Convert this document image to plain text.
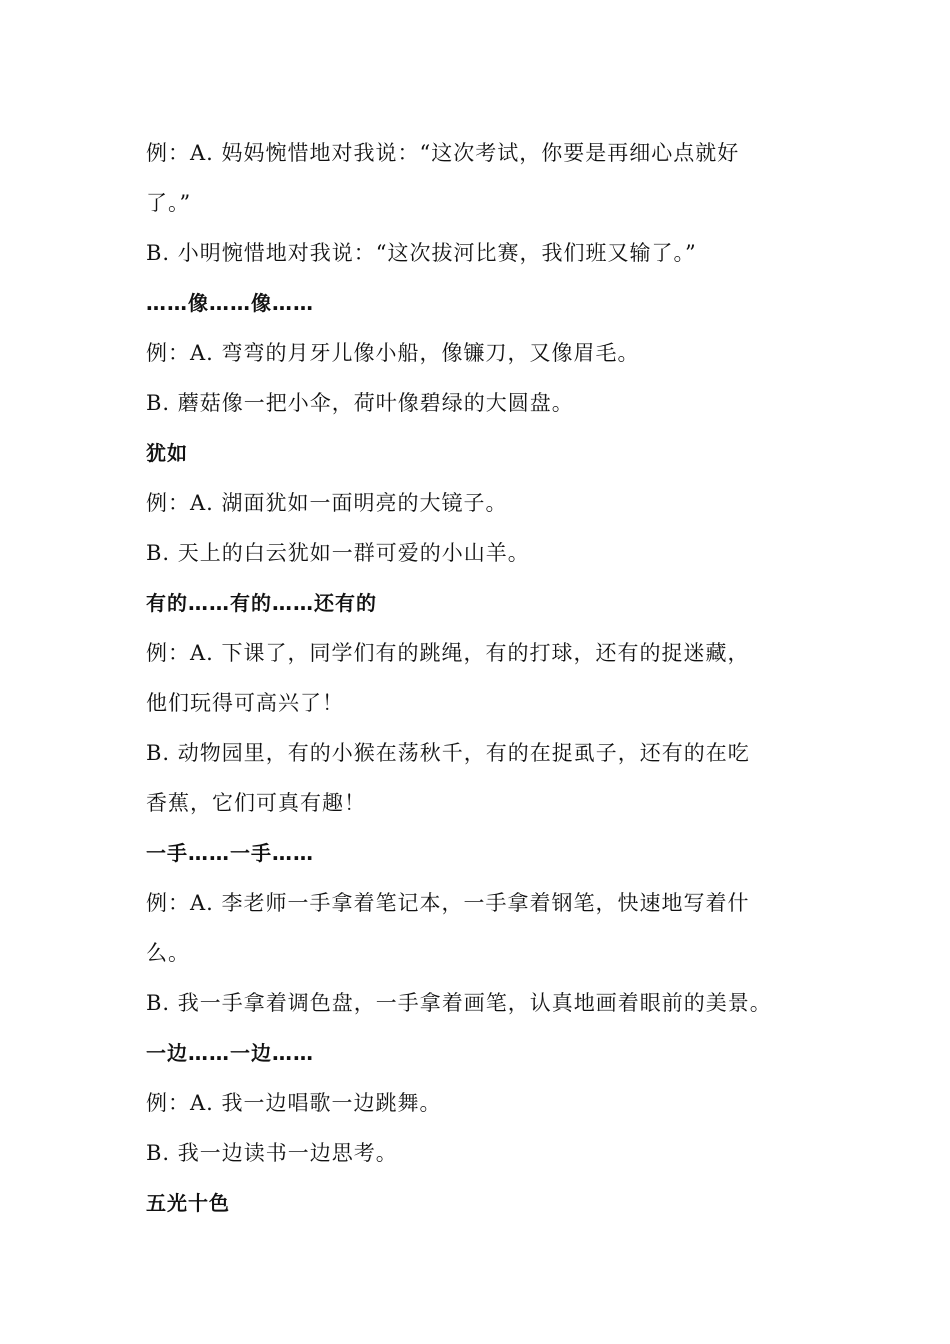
例：A. 妈妈惋惜地对我说：“这次考试，你要是再细心点就好
了。”
B. 小明惋惜地对我说：“这次拔河比赛，我们班又输了。”
……像……像……
例：A. 弯弯的月牙儿像小船，像镰刀，又像眉毛。
B. 蘑菇像一把小伞，荷叶像碧绿的大圆盘。
犹如
例：A. 湖面犹如一面明亮的大镜子。
B. 天上的白云犹如一群可爱的小山羊。
有的……有的……还有的
例：A. 下课了，同学们有的跳绳，有的打球，还有的捉迷藏，
他们玩得可高兴了！
B. 动物园里，有的小猴在荡秋千，有的在捉虱子，还有的在吃
香蕉，它们可真有趣！
一手……一手……
例：A. 李老师一手拿着笔记本，一手拿着钢笔，快速地写着什
么。
B. 我一手拿着调色盘，一手拿着画笔，认真地画着眼前的美景。
一边……一边……
例：A. 我一边唱歌一边跳舞。
B. 我一边读书一边思考。
五光十色
